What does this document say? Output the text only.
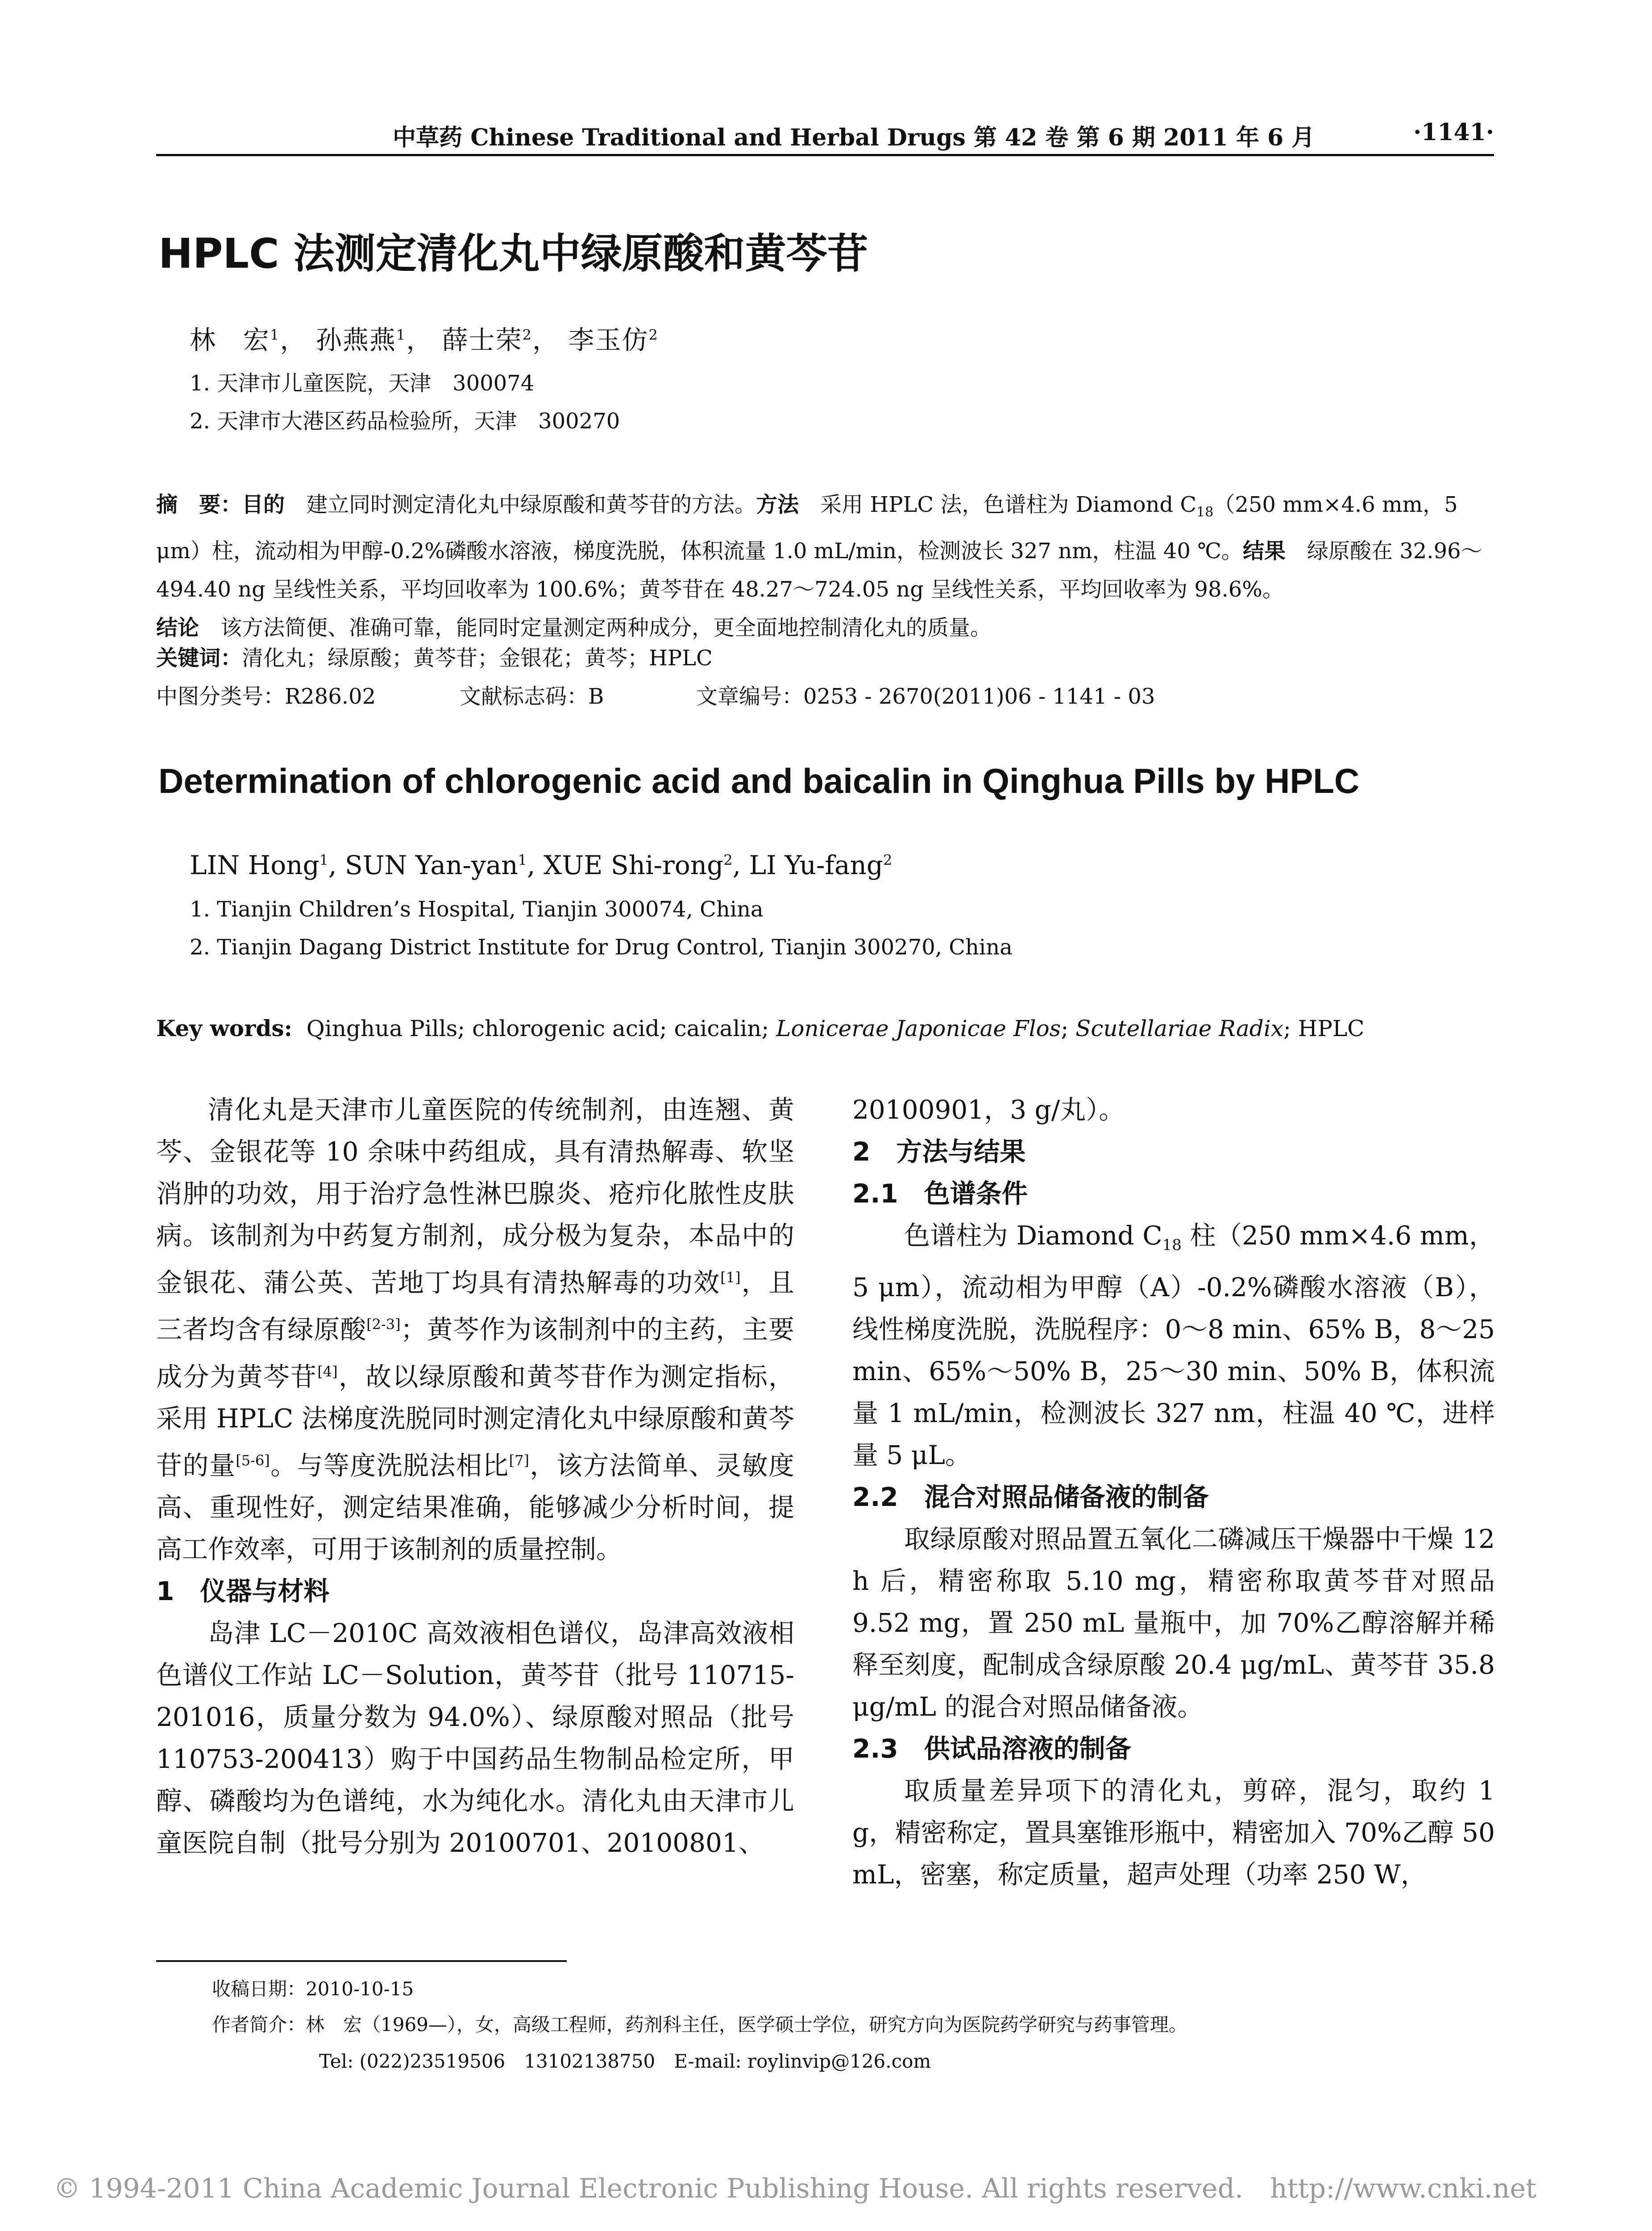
中草药 Chinese Traditional and Herbal Drugs 第 42 卷 第 6 期 2011 年 6 月	·1141·
HPLC 法测定清化丸中绿原酸和黄芩苷
林　宏$^1$， 孙燕燕$^1$， 薛士荣$^2$， 李玉仿$^2$
1. 天津市儿童医院，天津　300074
2. 天津市大港区药品检验所，天津　300270
摘　要：目的　 建立同时测定清化丸中绿原酸和黄芩苷的方法。方法　 采用 HPLC 法，色谱柱为 Diamond $C_{18}(250$ mm×4.6 mm，5 μm）柱，流动相为甲醇-0.2%磷酸水溶液，梯度洗脱，体积流量 1.0 mL/min，检测波长 327 nm，柱温 40 ℃。结果　 绿原酸在 32.96～494.40 ng 呈线性关系，平均回收率为 100.6%；黄芩苷在 48.27～724.05 ng 呈线性关系，平均回收率为 98.6%。
结论　 该方法简便、准确可靠，能同时定量测定两种成分，更全面地控制清化丸的质量。
关键词：清化丸；绿原酸；黄芩苷；金银花；黄芩；HPLC
中图分类号：R286.02	文献标志码：B	文章编号：0253 - 2670(2011)06 - 1141 - 03
Determination of chlorogenic acid and baicalin in Qinghua Pills by HPLC
LIN Hong$^1$, SUN Yan-yan$^1$, XUE Shi-rong$^2$, LI Yu-fang$^2$
1. Tianjin Children’s Hospital, Tianjin 300074, China
2. Tianjin Dagang District Institute for Drug Control, Tianjin 300270, China
Key words: Qinghua Pills; chlorogenic acid; caicalin; Lonicerae Japonicae Flos; Scutellariae Radix; HPLC

清化丸是天津市儿童医院的传统制剂，由连翘、黄芩、金银花等 10 余味中药组成，具有清热解毒、软坚消肿的功效，用于治疗急性淋巴腺炎、疮疖化脓性皮肤病。该制剂为中药复方制剂，成分极为复杂，本品中的金银花、蒲公英、苦地丁均具有清热解毒的功效[1]，且三者均含有绿原酸[2-3]；黄芩作为该制剂中的主药，主要成分为黄芩苷[4]，故以绿原酸和黄芩苷作为测定指标，采用 HPLC 法梯度洗脱同时测定清化丸中绿原酸和黄芩苷的量[5-6]。与等度洗脱法相比[7]，该方法简单、灵敏度高、重现性好，测定结果准确，能够减少分析时间，提高工作效率，可用于该制剂的质量控制。

1　仪器与材料

岛津 LC－2010C 高效液相色谱仪，岛津高效液相色谱仪工作站 LC－Solution，黄芩苷（批号 110715-201016，质量分数为 94.0%）、绿原酸对照品（批号 110753-200413）购于中国药品生物制品检定所，甲醇、磷酸均为色谱纯，水为纯化水。清化丸由天津市儿童医院自制（批号分别为 20100701、20100801、

20100901，3 g/丸）。

2　方法与结果

2.1　色谱条件

色谱柱为 Diamond $C_{18}$ 柱（250 mm×4.6 mm，5 μm），流动相为甲醇（A）-0.2%磷酸水溶液（B），线性梯度洗脱，洗脱程序：0～8 min、65% B，8～25 min、65%～50% B，25～30 min、50% B，体积流量 1 mL/min，检测波长 327 nm，柱温 40 ℃，进样量 5 μL。

2.2　混合对照品储备液的制备

取绿原酸对照品置五氧化二磷减压干燥器中干燥 12 h 后，精密称取 5.10 mg，精密称取黄芩苷对照品 9.52 mg，置 250 mL 量瓶中，加 70%乙醇溶解并稀释至刻度，配制成含绿原酸 20.4 μg/mL、黄芩苷 35.8 μg/mL 的混合对照品储备液。

2.3　供试品溶液的制备

取质量差异项下的清化丸，剪碎，混匀，取约 1 g，精密称定，置具塞锥形瓶中，精密加入 70%乙醇 50 mL，密塞，称定质量，超声处理（功率 250 W，

收稿日期：2010-10-15
作者简介：林　宏（1969—），女，高级工程师，药剂科主任，医学硕士学位，研究方向为医院药学研究与药事管理。
Tel: (022)23519506　13102138750　E-mail: roylinvip@126.com
© 1994-2011 China Academic Journal Electronic Publishing House. All rights reserved. http://www.cnki.net
